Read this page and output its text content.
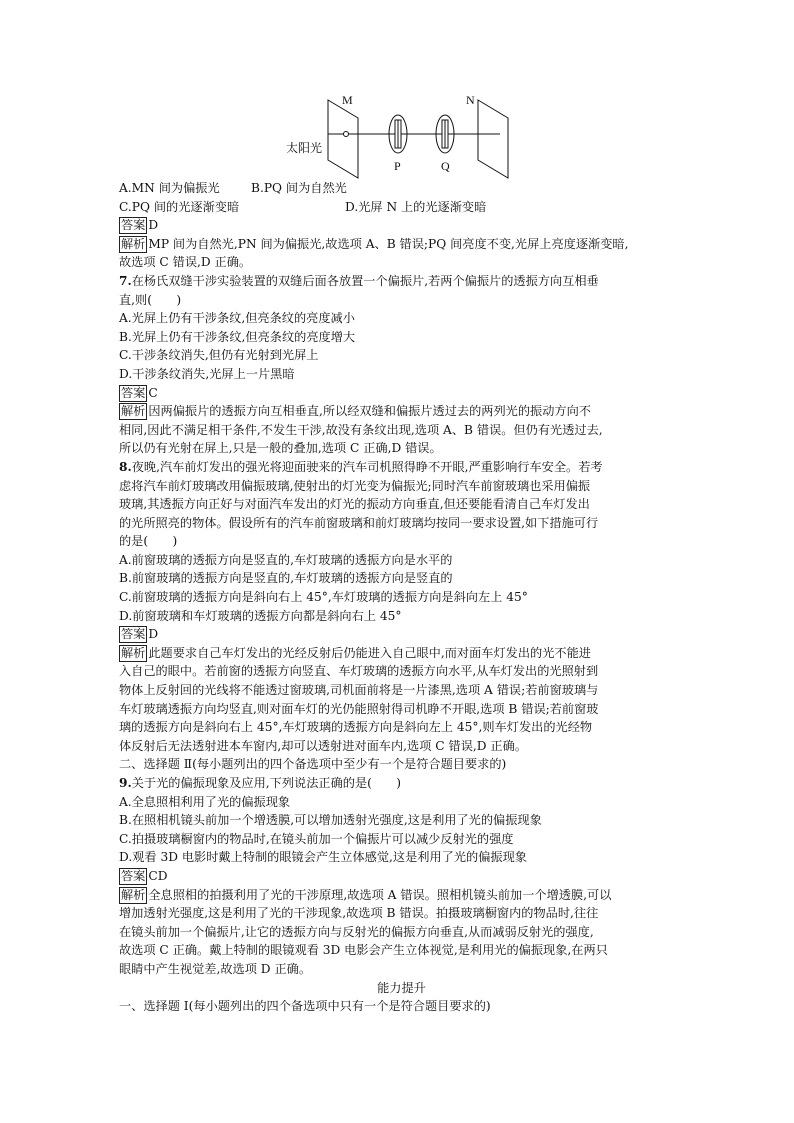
M	N
P	Q
太阳光
A.MN 间为偏振光	B.PQ 间为自然光
C.PQ 间的光逐渐变暗	D.光屏 N 上的光逐渐变暗
答案 D
解析 MP 间为自然光,PN 间为偏振光,故选项 A、B 错误;PQ 间亮度不变,光屏上亮度逐渐变暗,
故选项 C 错误,D 正确。
7.在杨氏双缝干涉实验装置的双缝后面各放置一个偏振片,若两个偏振片的透振方向互相垂
直,则(　　)
A.光屏上仍有干涉条纹,但亮条纹的亮度减小
B.光屏上仍有干涉条纹,但亮条纹的亮度增大
C.干涉条纹消失,但仍有光射到光屏上
D.干涉条纹消失,光屏上一片黑暗
答案 C
解析 因两偏振片的透振方向互相垂直,所以经双缝和偏振片透过去的两列光的振动方向不
相同,因此不满足相干条件,不发生干涉,故没有条纹出现,选项 A、B 错误。但仍有光透过去,
所以仍有光射在屏上,只是一般的叠加,选项 C 正确,D 错误。
8.夜晚,汽车前灯发出的强光将迎面驶来的汽车司机照得睁不开眼,严重影响行车安全。若考
虑将汽车前灯玻璃改用偏振玻璃,使射出的灯光变为偏振光;同时汽车前窗玻璃也采用偏振
玻璃,其透振方向正好与对面汽车发出的灯光的振动方向垂直,但还要能看清自己车灯发出
的光所照亮的物体。假设所有的汽车前窗玻璃和前灯玻璃均按同一要求设置,如下措施可行
的是(　　)
A.前窗玻璃的透振方向是竖直的,车灯玻璃的透振方向是水平的
B.前窗玻璃的透振方向是竖直的,车灯玻璃的透振方向是竖直的
C.前窗玻璃的透振方向是斜向右上 45°,车灯玻璃的透振方向是斜向左上 45°
D.前窗玻璃和车灯玻璃的透振方向都是斜向右上 45°
答案 D
解析 此题要求自己车灯发出的光经反射后仍能进入自己眼中,而对面车灯发出的光不能进
入自己的眼中。若前窗的透振方向竖直、车灯玻璃的透振方向水平,从车灯发出的光照射到
物体上反射回的光线将不能透过窗玻璃,司机面前将是一片漆黑,选项 A 错误;若前窗玻璃与
车灯玻璃透振方向均竖直,则对面车灯的光仍能照射得司机睁不开眼,选项 B 错误;若前窗玻
璃的透振方向是斜向右上 45°,车灯玻璃的透振方向是斜向左上 45°,则车灯发出的光经物
体反射后无法透射进本车窗内,却可以透射进对面车内,选项 C 错误,D 正确。
二、选择题 Ⅱ(每小题列出的四个备选项中至少有一个是符合题目要求的)
9.关于光的偏振现象及应用,下列说法正确的是(　　)
A.全息照相利用了光的偏振现象
B.在照相机镜头前加一个增透膜,可以增加透射光强度,这是利用了光的偏振现象
C.拍摄玻璃橱窗内的物品时,在镜头前加一个偏振片可以减少反射光的强度
D.观看 3D 电影时戴上特制的眼镜会产生立体感觉,这是利用了光的偏振现象
答案 CD
解析 全息照相的拍摄利用了光的干涉原理,故选项 A 错误。照相机镜头前加一个增透膜,可以
增加透射光强度,这是利用了光的干涉现象,故选项 B 错误。拍摄玻璃橱窗内的物品时,往往
在镜头前加一个偏振片,让它的透振方向与反射光的偏振方向垂直,从而减弱反射光的强度,
故选项 C 正确。戴上特制的眼镜观看 3D 电影会产生立体视觉,是利用光的偏振现象,在两只
眼睛中产生视觉差,故选项 D 正确。
能力提升
一、选择题 Ⅰ(每小题列出的四个备选项中只有一个是符合题目要求的)
